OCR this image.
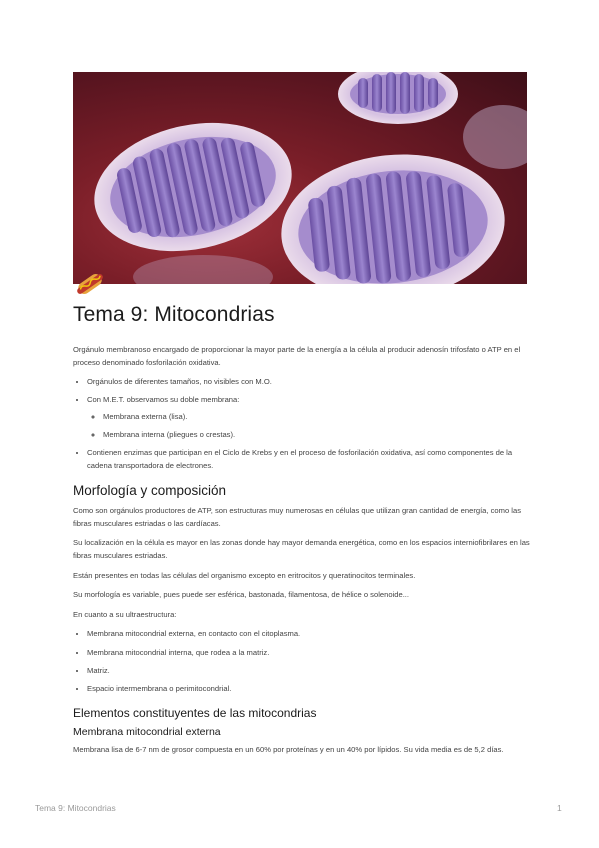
Tema 9: Mitocondrias

Orgánulo membranoso encargado de proporcionar la mayor parte de la energía a la célula al producir adenosín trifosfato o ATP en el proceso denominado fosforilación oxidativa.

• Orgánulos de diferentes tamaños, no visibles con M.O.
• Con M.E.T. observamos su doble membrana:
◦ Membrana externa (lisa).
◦ Membrana interna (pliegues o crestas).
• Contienen enzimas que participan en el Ciclo de Krebs y en el proceso de fosforilación oxidativa, así como componentes de la cadena transportadora de electrones.
Morfología y composición

Como son orgánulos productores de ATP, son estructuras muy numerosas en células que utilizan gran cantidad de energía, como las fibras musculares estriadas o las cardíacas.

Su localización en la célula es mayor en las zonas donde hay mayor demanda energética, como en los espacios interniofibrilares en las fibras musculares estriadas.

Están presentes en todas las células del organismo excepto en eritrocitos y queratinocitos terminales.

Su morfología es variable, pues puede ser esférica, bastonada, filamentosa, de hélice o solenoide...

En cuanto a su ultraestructura:

• Membrana mitocondrial externa, en contacto con el citoplasma.
• Membrana mitocondrial interna, que rodea a la matriz.
• Matriz.
• Espacio intermembrana o perimitocondrial.
Elementos constituyentes de las mitocondrias
Membrana mitocondrial externa

Membrana lisa de 6-7 nm de grosor compuesta en un 60% por proteínas y en un 40% por lípidos. Su vida media es de 5,2 días.

Tema 9: Mitocondrias	1
